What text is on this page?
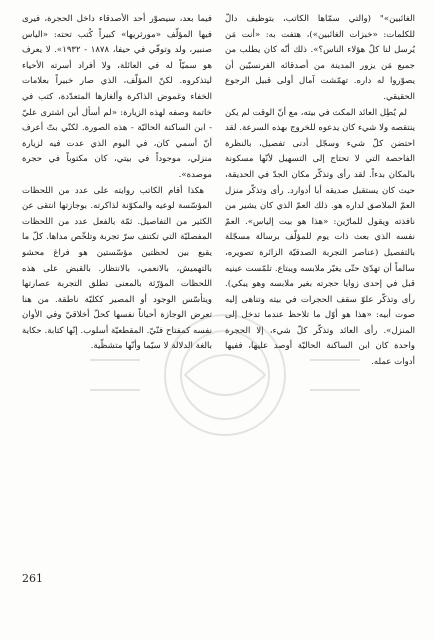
الغائبين»" (والتي سمّاها الكاتب، بتوظيف دالّ للكلمات: «خبزات الغائبين»)، هتفت به: «أنت مَن يُرسل لنا كلّ هؤلاء الناس؟». ذلك أنّه كان يطلب من جميع مَن يزور المدينة من أصدقائه الفرنسيّين أن يصوّروا له داره. تهمّشت آمال أولى قبيل الرجوع الحقيقي.

لم يُطِل العائد المكث في بيته، مع أنّ الوقت لم يكن ينتقصه ولا شيء كان يدعوه للخروج بهذه السرعة. لقد احتضن كلّ شيء وسجّل أدنى تفصيل، بالنظرة الفاحصة التي لا تحتاج إلى التسهيل لأنّها مسكونة بالمكان بدءاً. لقد رأى وتذكّر مكان الجدّ في الحديقة، حيث كان يستقبل صديقه أبا أدوارد. رأى وتذكّر منزل العمّ الملاصق لداره هو. ذلك العمّ الذي كان يشير من نافذته ويقول للمارّين: «هذا هو بيت إلياس». العمّ نفسه الذي بعث ذات يوم للمؤلّف برسالة مسجّلة بالتفصيل (عناصر التجربة الصدقيّة الزائرة تصويره، سالماً أن تهدّئ حتّى يغيّر ملابسه ويبتاع. تلمّست عينيه قبل في إحدى زوايا حجرته بغير ملابسه وهو يبكي). رأى وتذكّر علوّ سقف الحجرات في بيته وتناهى إليه صوت أبيه: «هذا هو أوّل ما تلاحظ عندما تدخل إلى المنزل». رأى العائد وتذكّر كلّ شيء، إلا الحجرة واحدة كان ابن الساكنة الحاليّة أوصد عليها، ففيها أدوات عمله.

فيما بعد، سيصوّر أحد الأصدقاء داخل الحجرة، فيرى فيها المؤلّف «مورثريها» كبيراً كُتب تحته: «الياس صنبير، ولد وتوفّي في حيفا، ١٨٧٨ - ١٩٣٢». لا يعرف هو سميّاً له في العائلة، ولا أفراد أسرته الأحياء ليتذكروه. لكنّ المؤلّف، الذي صار خبيراً بعلامات الخفاء وغموض الذاكرة وألغازها المتعدّدة، كتب في خاتمة وصفه لهذه الزيارة: «لم أسأل أين اشترى عليّ - ابن الساكنة الحاليّة - هذه الصورة. لكنّي بتّ أعرف أنّ أسمي كان، في اليوم الذي عدت فيه لزيارة منزلي، موجوداً في بيتي، كان مكتوباً في حجرة موصدة».

هكذا أقام الكاتب روايته على عدد من اللحظات المؤسّسة لوعيه والمكوّنة لذاكرته. بوجازتها انتقى عن الكثير من التفاصيل. ثمّة بالفعل عدد من اللحظات المفصليّة التي تكتنف سرّ تجربة وتلخّص مداها. كلّ ما يقبع بين لحظتين مؤسّستين هو فراغ محشو بالتهميش، بالانعمي، بالانتظار. بالقبض على هذه اللحظات المؤرّثة بالمعنى تطلق التجربة عصارتها ويتأسّس الوجود أو المصير ككليّة ناطقة. من هنا تعرض الوجازة أحياناً نفسها كحلّ أخلاقيّ وفي الأوان نفسه كمفتاح فنّيّ. المقطعيّة أسلوب. إنّها كتابة. حكاية بالغة الدلالة لا سيّما وأنّها متشظّية.

261
